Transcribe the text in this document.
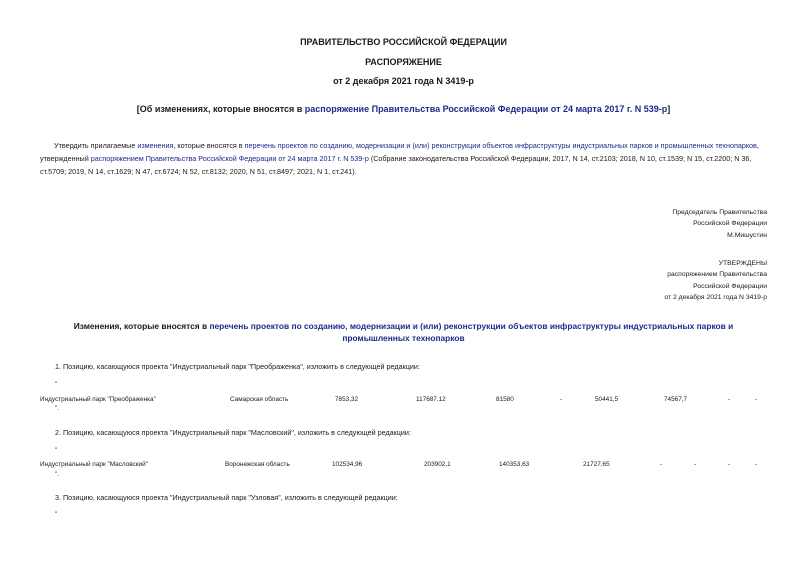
ПРАВИТЕЛЬСТВО РОССИЙСКОЙ ФЕДЕРАЦИИ
РАСПОРЯЖЕНИЕ
от 2 декабря 2021 года N 3419-р
[Об изменениях, которые вносятся в распоряжение Правительства Российской Федерации от 24 марта 2017 г. N 539-р]
Утвердить прилагаемые изменения, которые вносятся в перечень проектов по созданию, модернизации и (или) реконструкции объектов инфраструктуры индустриальных парков и промышленных технопарков, утвержденный распоряжением Правительства Российской Федерации от 24 марта 2017 г. N 539-р (Собрание законодательства Российской Федерации, 2017, N 14, ст.2103; 2018, N 10, ст.1539; N 15, ст.2200; N 36, ст.5709; 2019, N 14, ст.1629; N 47, ст.6724; N 52, ст.8132; 2020, N 51, ст.8497; 2021, N 1, ст.241).
Председатель Правительства
Российской Федерации
М.Мишустин
УТВЕРЖДЕНЫ
распоряжением Правительства
Российской Федерации
от 2 декабря 2021 года N 3419-р
Изменения, которые вносятся в перечень проектов по созданию, модернизации и (или) реконструкции объектов инфраструктуры индустриальных парков и промышленных технопарков
1. Позицию, касающуюся проекта "Индустриальный парк "Преображенка", изложить в следующей редакции:
"
Индустриальный парк "Преображенка"	Самарская область	7853,32	117687,12	81580	-	50441,5	74567,7	-	-
".
2. Позицию, касающуюся проекта "Индустриальный парк "Масловский", изложить в следующей редакции:
"
Индустриальный парк "Масловский"	Воронежская область	102534,96	203902,1	140353,63	21727,65	-	-	-	-
".
3. Позицию, касающуюся проекта "Индустриальный парк "Узловая", изложить в следующей редакции:
"
